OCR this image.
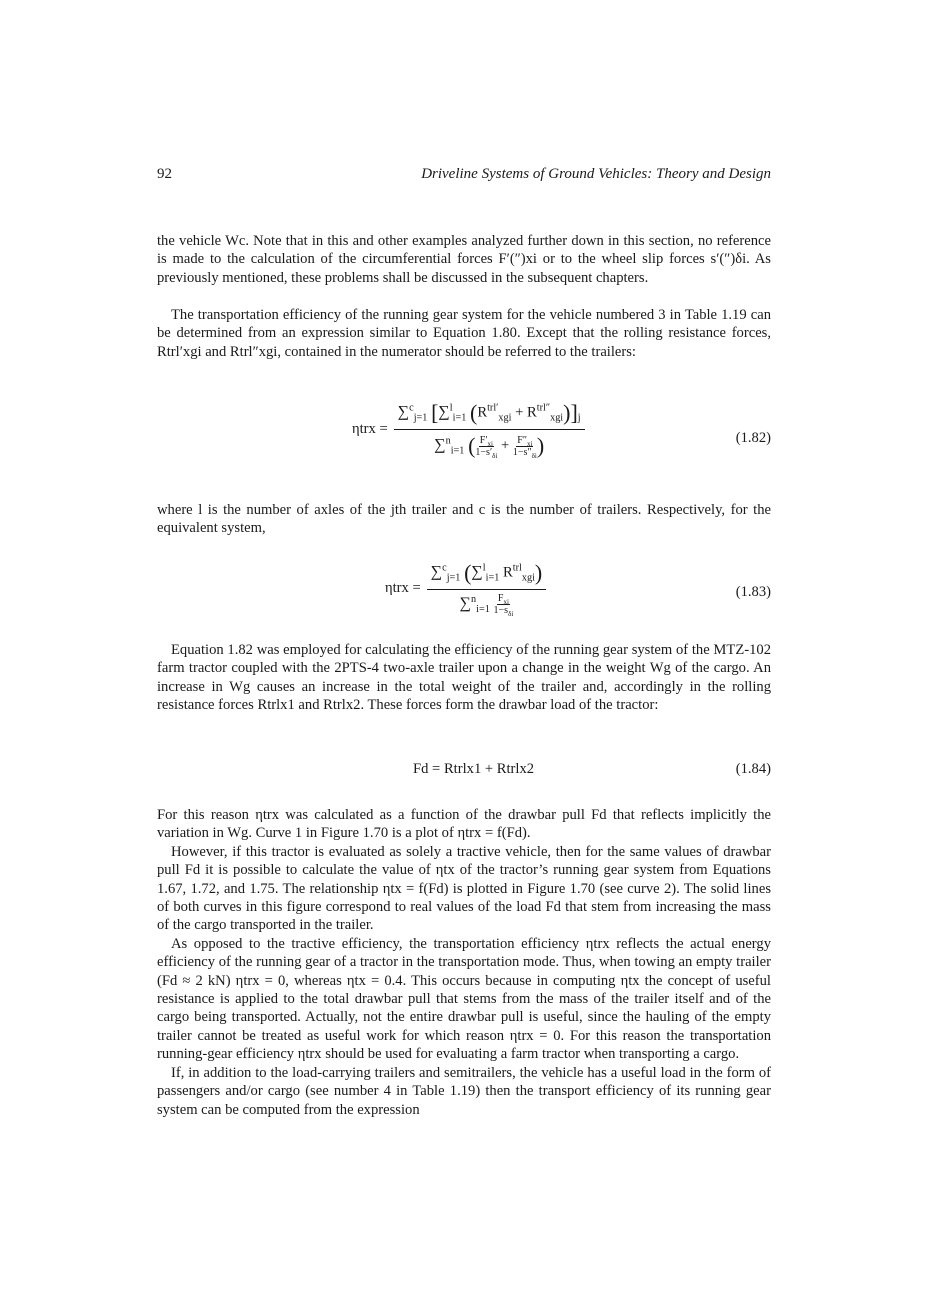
92	Driveline Systems of Ground Vehicles: Theory and Design

the vehicle Wc. Note that in this and other examples analyzed further down in this section, no reference is made to the calculation of the circumferential forces F′(″)xi or to the wheel slip forces s′(″)δi. As previously mentioned, these problems shall be discussed in the subsequent chapters.

The transportation efficiency of the running gear system for the vehicle numbered 3 in Table 1.19 can be determined from an expression similar to Equation 1.80. Except that the rolling resistance forces, Rtrl′xgi and Rtrl″xgi, contained in the numerator should be referred to the trailers:

$\eta trx = \frac{\sum^c_{j=1} [\sum^l_{i=1} (R^{trl'}_{xgi} + R^{trl''}_{xgi})]_j}{\sum^n_{i=1} ( \frac{F'_{xi}}{1-s'_{\delta i}} + \frac{F''_{xi}}{1-s''_{\delta i}} )}$	(1.82)

where l is the number of axles of the jth trailer and c is the number of trailers. Respectively, for the equivalent system,

$\eta trx = \frac{\sum^c_{j=1} (\sum^l_{i=1} R^{trl}_{xgi})}{\sum^n_{i=1} \frac{F_{xi}}{1-s_{\delta i}}}$	(1.83)

Equation 1.82 was employed for calculating the efficiency of the running gear system of the MTZ-102 farm tractor coupled with the 2PTS-4 two-axle trailer upon a change in the weight Wg of the cargo. An increase in Wg causes an increase in the total weight of the trailer and, accordingly in the rolling resistance forces Rtrlx1 and Rtrlx2. These forces form the drawbar load of the tractor:

Fd = Rtrlx1 + Rtrlx2	(1.84)

For this reason ηtrx was calculated as a function of the drawbar pull Fd that reflects implicitly the variation in Wg. Curve 1 in Figure 1.70 is a plot of ηtrx = f(Fd).

However, if this tractor is evaluated as solely a tractive vehicle, then for the same values of drawbar pull Fd it is possible to calculate the value of ηtx of the tractor’s running gear system from Equations 1.67, 1.72, and 1.75. The relationship ηtx = f(Fd) is plotted in Figure 1.70 (see curve 2). The solid lines of both curves in this figure correspond to real values of the load Fd that stem from increasing the mass of the cargo transported in the trailer.

As opposed to the tractive efficiency, the transportation efficiency ηtrx reflects the actual energy efficiency of the running gear of a tractor in the transportation mode. Thus, when towing an empty trailer (Fd ≈ 2 kN) ηtrx = 0, whereas ηtx = 0.4. This occurs because in computing ηtx the concept of useful resistance is applied to the total drawbar pull that stems from the mass of the trailer itself and of the cargo being transported. Actually, not the entire drawbar pull is useful, since the hauling of the empty trailer cannot be treated as useful work for which reason ηtrx = 0. For this reason the transportation running-gear efficiency ηtrx should be used for evaluating a farm tractor when transporting a cargo.

If, in addition to the load-carrying trailers and semitrailers, the vehicle has a useful load in the form of passengers and/or cargo (see number 4 in Table 1.19) then the transport efficiency of its running gear system can be computed from the expression
